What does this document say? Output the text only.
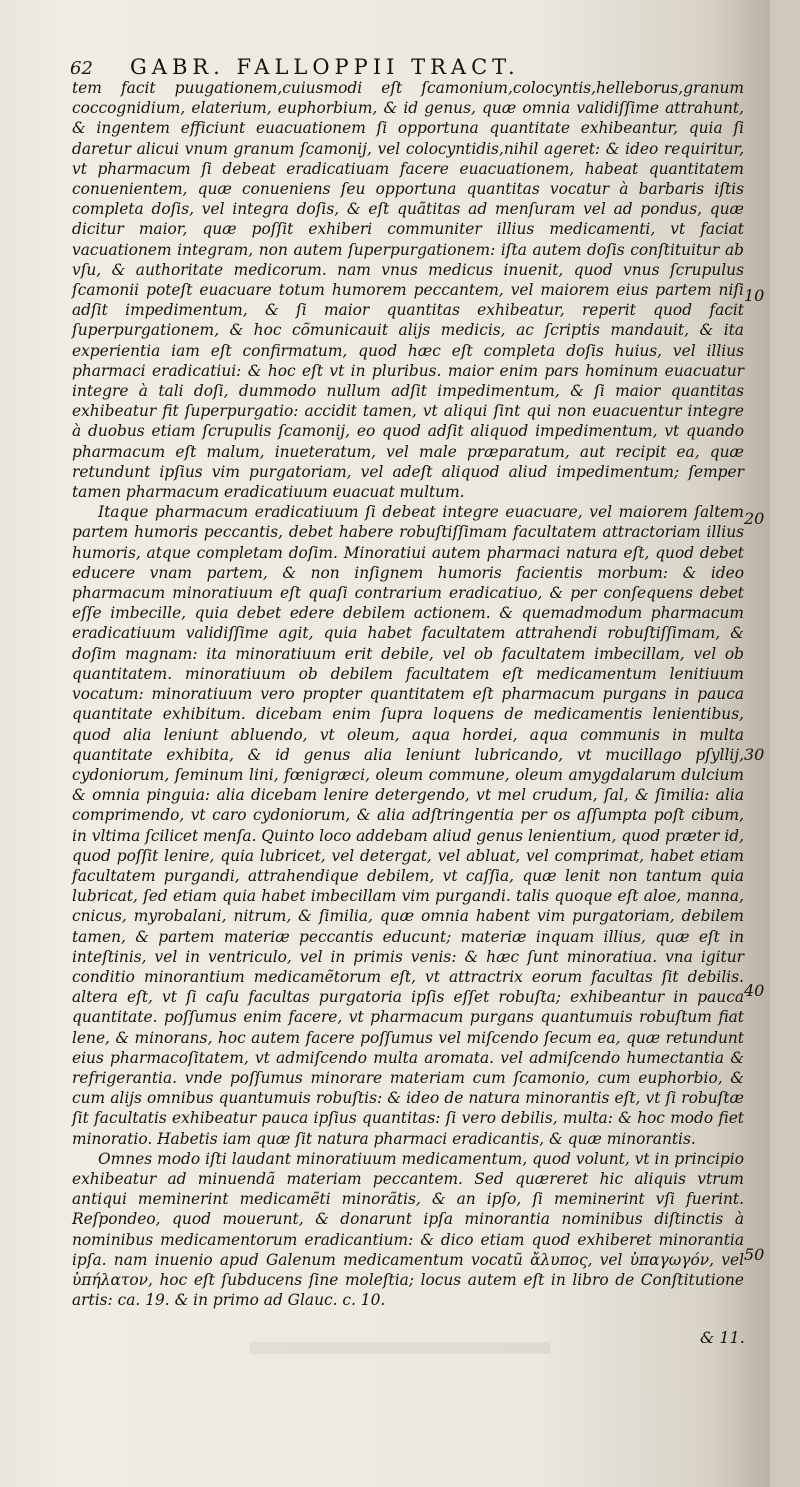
62	GABR. FALLOPPII TRACT.

tem facit puugationem,cuiusmodi eſt ſcamonium,colocyntis,helleborus,granum coccognidium, elaterium, euphorbium, & id genus, quæ omnia validiſſime attrahunt, & ingentem efficiunt euacuationem ſi opportuna quantitate exhibeantur, quia ſi daretur alicui vnum granum ſcamonij, vel colocyntidis,nihil ageret: & ideo requiritur, vt pharmacum ſi debeat eradicatiuam facere euacuationem, habeat quantitatem conuenientem, quæ conueniens ſeu opportuna quantitas vocatur à barbaris iſtis completa doſis, vel integra doſis, & eſt quãtitas ad menſuram vel ad pondus, quæ dicitur maior, quæ poſſit exhiberi communiter illius medicamenti, vt faciat vacuationem integram, non autem ſuperpurgationem: iſta autem doſis conſtituitur ab vſu, & authoritate medicorum. nam vnus medicus inuenit, quod vnus ſcrupulus ſcamonii poteſt euacuare totum humorem peccantem, vel maiorem eius partem niſi adſit impedimentum, & ſi maior quantitas exhibeatur, reperit quod facit ſuperpurgationem, & hoc cõmunicauit alijs medicis, ac ſcriptis mandauit, & ita experientia iam eſt confirmatum, quod hæc eſt completa doſis huius, vel illius pharmaci eradicatiui: & hoc eſt vt in pluribus. maior enim pars hominum euacuatur integre à tali doſi, dummodo nullum adſit impedimentum, & ſi maior quantitas exhibeatur fit ſuperpurgatio: accidit tamen, vt aliqui ſint qui non euacuentur integre à duobus etiam ſcrupulis ſcamonij, eo quod adſit aliquod impedimentum, vt quando pharmacum eſt malum, inueteratum, vel male præparatum, aut recipit ea, quæ retundunt ipſius vim purgatoriam, vel adeſt aliquod aliud impedimentum; ſemper tamen pharmacum eradicatiuum euacuat multum.

Itaque pharmacum eradicatiuum ſi debeat integre euacuare, vel maiorem ſaltem partem humoris peccantis, debet habere robuſtiſſimam facultatem attractoriam illius humoris, atque completam doſim. Minoratiui autem pharmaci natura eſt, quod debet educere vnam partem, & non inſignem humoris facientis morbum: & ideo pharmacum minoratiuum eſt quaſi contrarium eradicatiuo, & per conſequens debet eſſe imbecille, quia debet edere debilem actionem. & quemadmodum pharmacum eradicatiuum validiſſime agit, quia habet facultatem attrahendi robuſtiſſimam, & doſim magnam: ita minoratiuum erit debile, vel ob facultatem imbecillam, vel ob quantitatem. minoratiuum ob debilem facultatem eſt medicamentum lenitiuum vocatum: minoratiuum vero propter quantitatem eſt pharmacum purgans in pauca quantitate exhibitum. dicebam enim ſupra loquens de medicamentis lenientibus, quod alia leniunt abluendo, vt oleum, aqua hordei, aqua communis in multa quantitate exhibita, & id genus alia leniunt lubricando, vt mucillago pſyllij, cydoniorum, ſeminum lini, fœnigræci, oleum commune, oleum amygdalarum dulcium & omnia pinguia: alia dicebam lenire detergendo, vt mel crudum, ſal, & ſimilia: alia comprimendo, vt caro cydoniorum, & alia adſtringentia per os aſſumpta poſt cibum, in vltima ſcilicet menſa. Quinto loco addebam aliud genus lenientium, quod præter id, quod poſſit lenire, quia lubricet, vel detergat, vel abluat, vel comprimat, habet etiam facultatem purgandi, attrahendique debilem, vt caſſia, quæ lenit non tantum quia lubricat, ſed etiam quia habet imbecillam vim purgandi. talis quoque eſt aloe, manna, cnicus, myrobalani, nitrum, & ſimilia, quæ omnia habent vim purgatoriam, debilem tamen, & partem materiæ peccantis educunt; materiæ inquam illius, quæ eſt in inteſtinis, vel in ventriculo, vel in primis venis: & hæc ſunt minoratiua. vna igitur conditio minorantium medicamẽtorum eſt, vt attractrix eorum facultas ſit debilis. altera eſt, vt ſi caſu facultas purgatoria ipſis eſſet robuſta; exhibeantur in pauca quantitate. poſſumus enim facere, vt pharmacum purgans quantumuis robuſtum fiat lene, & minorans, hoc autem facere poſſumus vel miſcendo ſecum ea, quæ retundunt eius pharmacoſitatem, vt admiſcendo multa aromata. vel admiſcendo humectantia & refrigerantia. vnde poſſumus minorare materiam cum ſcamonio, cum euphorbio, & cum alijs omnibus quantumuis robuſtis: & ideo de natura minorantis eſt, vt ſi robuſtæ ſit facultatis exhibeatur pauca ipſius quantitas: ſi vero debilis, multa: & hoc modo fiet minoratio. Habetis iam quæ ſit natura pharmaci eradicantis, & quæ minorantis.

Omnes modo iſti laudant minoratiuum medicamentum, quod volunt, vt in principio exhibeatur ad minuendã materiam peccantem. Sed quæreret hic aliquis vtrum antiqui meminerint medicamẽti minorãtis, & an ipſo, ſi meminerint vſi fuerint. Reſpondeo, quod mouerunt, & donarunt ipſa minorantia nominibus diſtinctis à nominibus medicamentorum eradicantium: & dico etiam quod exhiberet minorantia ipſa. nam inuenio apud Galenum medicamentum vocatũ ἄλυπος, vel ὑπαγωγόν, vel ὑπήλατον, hoc eſt ſubducens ſine moleſtia; locus autem eſt in libro de Conſtitutione artis: ca. 19. & in primo ad Glauc. c. 10.

10
20
30
40
50
& 11.
